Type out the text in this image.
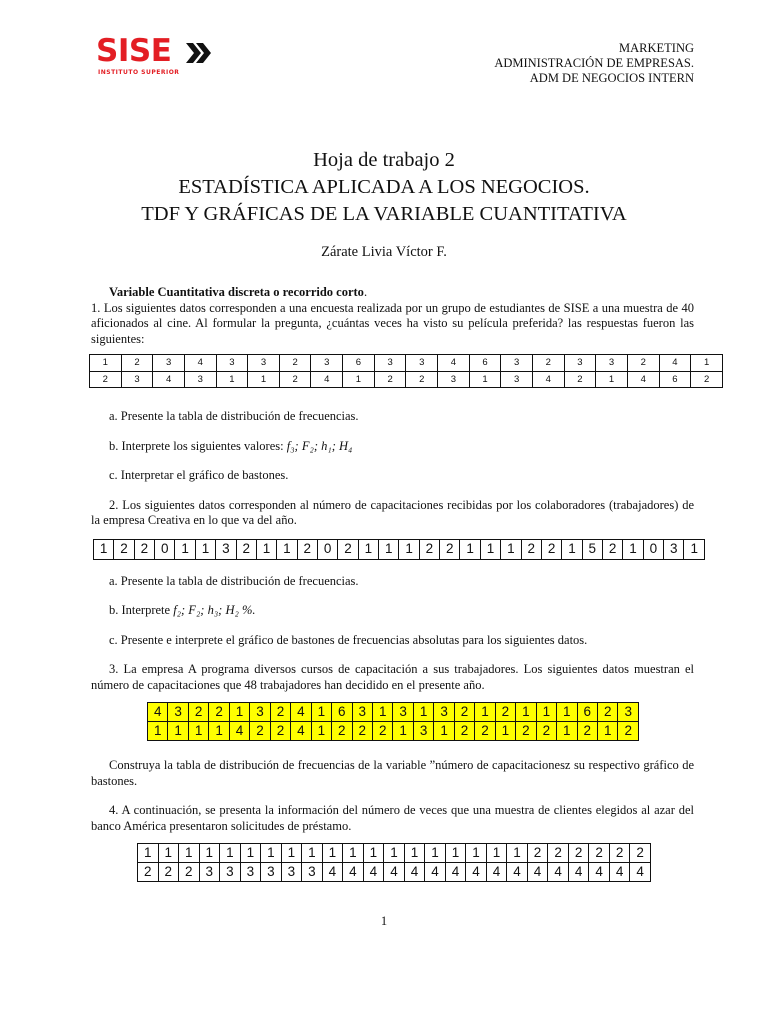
SISE
INSTITUTO SUPERIOR
MARKETING
ADMINISTRACIÓN DE EMPRESAS.
ADM DE NEGOCIOS INTERN
Hoja de trabajo 2
ESTADÍSTICA APLICADA A LOS NEGOCIOS.
TDF Y GRÁFICAS DE LA VARIABLE CUANTITATIVA
Zárate Livia Víctor F.

Variable Cuantitativa discreta o recorrido corto.

1. Los siguientes datos corresponden a una encuesta realizada por un grupo de estudiantes de SISE a una muestra de 40 aficionados al cine. Al formular la pregunta, ¿cuántas veces ha visto su película preferida? las respuestas fueron las siguientes:

1	2	3	4	3	3	2	3	6	3	3	4	6	3	2	3	3	2	4	1
2	3	4	3	1	1	2	4	1	2	2	3	1	3	4	2	1	4	6	2

a. Presente la tabla de distribución de frecuencias.

b. Interprete los siguientes valores: f₃; F₂; h₁; H₄

c. Interpretar el gráfico de bastones.

2. Los siguientes datos corresponden al número de capacitaciones recibidas por los colaboradores (trabajadores) de la empresa Creativa en lo que va del año.

1	2	2	0	1	1	3	2	1	1	2	0	2	1	1	1	2	2	1	1	1	2	2	1	5	2	1	0	3	1

a. Presente la tabla de distribución de frecuencias.

b. Interprete f₂; F₂; h₃; H₂ %.

c. Presente e interprete el gráfico de bastones de frecuencias absolutas para los siguientes datos.

3. La empresa A programa diversos cursos de capacitación a sus trabajadores. Los siguientes datos muestran el número de capacitaciones que 48 trabajadores han decidido en el presente año.

4	3	2	2	1	3	2	4	1	6	3	1	3	1	3	2	1	2	1	1	1	6	2	3
1	1	1	1	4	2	2	4	1	2	2	2	1	3	1	2	2	1	2	2	1	2	1	2

Construya la tabla de distribución de frecuencias de la variable ”número de capacitacionesz su respectivo gráfico de bastones.

4. A continuación, se presenta la información del número de veces que una muestra de clientes elegidos al azar del banco América presentaron solicitudes de préstamo.

1	1	1	1	1	1	1	1	1	1	1	1	1	1	1	1	1	1	1	2	2	2	2	2	2
2	2	2	3	3	3	3	3	3	4	4	4	4	4	4	4	4	4	4	4	4	4	4	4	4
1
